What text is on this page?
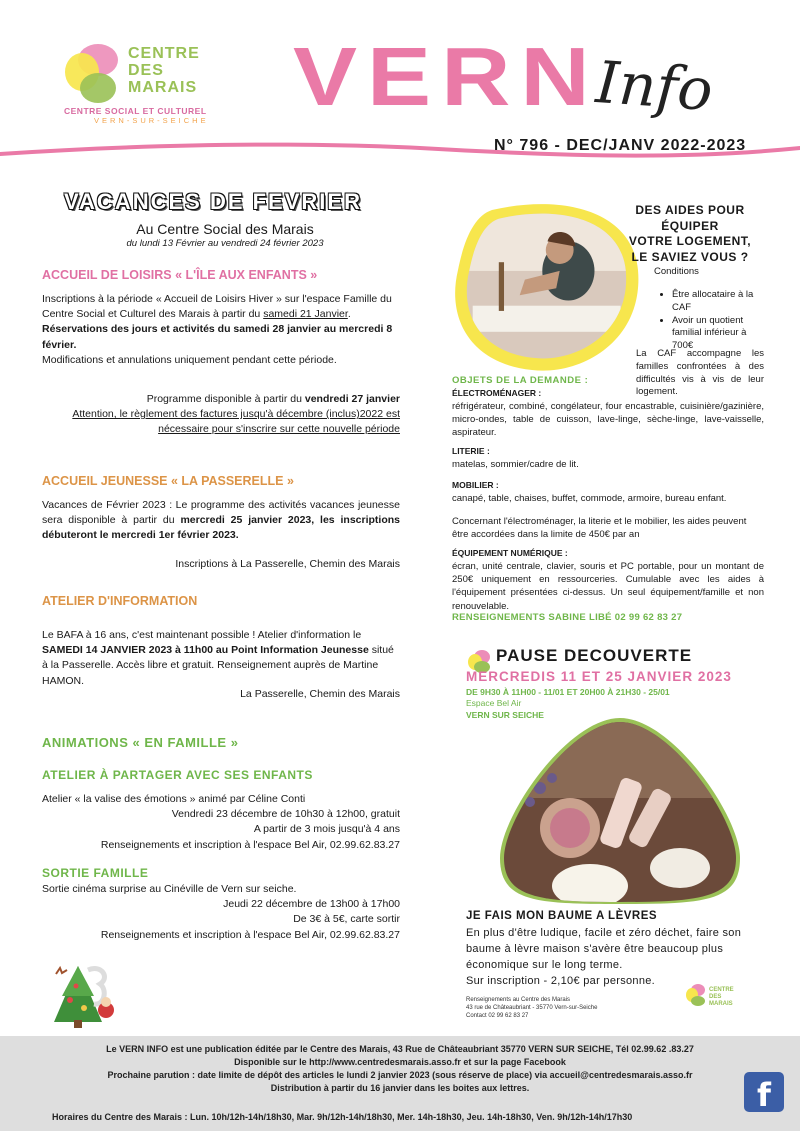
CENTRE
DES
MARAIS
CENTRE SOCIAL ET CULTUREL
VERN-SUR-SEICHE VERN
Info
N° 796 - DEC/JANV 2022-2023
VACANCES DE FEVRIER
Au Centre Social des Marais
du lundi 13 Février au vendredi 24 février 2023
ACCUEIL DE LOISIRS « L'ÎLE AUX ENFANTS »

Inscriptions à la période « Accueil de Loisirs Hiver » sur l'espace Famille du Centre Social et Culturel des Marais à partir du samedi 21 Janvier.

Réservations des jours et activités du samedi 28 janvier au mercredi 8 février.

Modifications et annulations uniquement pendant cette période.

Programme disponible à partir du vendredi 27 janvier

Attention, le règlement des factures jusqu'à décembre (inclus)2022 est nécessaire pour s'inscrire sur cette nouvelle période

ACCUEIL JEUNESSE « LA PASSERELLE »

Vacances de Février 2023 : Le programme des activités vacances jeunesse sera disponible à partir du mercredi 25 janvier 2023, les inscriptions débuteront le mercredi 1er février 2023.

Inscriptions à La Passerelle, Chemin des Marais
ATELIER D'INFORMATION

Le BAFA à 16 ans, c'est maintenant possible ! Atelier d'information le SAMEDI 14 JANVIER 2023 à 11h00 au Point Information Jeunesse situé à la Passerelle. Accès libre et gratuit. Renseignement auprès de Martine HAMON.

La Passerelle, Chemin des Marais
ANIMATIONS « EN FAMILLE »
ATELIER À PARTAGER AVEC SES ENFANTS

Atelier « la valise des émotions » animé par Céline Conti

Vendredi 23 décembre de 10h30 à 12h00, gratuit

A partir de 3 mois jusqu'à 4 ans

Renseignements et inscription à l'espace Bel Air, 02.99.62.83.27

SORTIE FAMILLE

Sortie cinéma surprise au Cinéville de Vern sur seiche.

Jeudi 22 décembre de 13h00 à 17h00

De 3€ à 5€, carte sortir

Renseignements et inscription à l'espace Bel Air, 02.99.62.83.27

DES AIDES POUR
ÉQUIPER
VOTRE LOGEMENT,
LE SAVIEZ VOUS ?
Conditions
• Être allocataire à la CAF
• Avoir un quotient familial inférieur à 700€
La CAF accompagne les familles confrontées à des difficultés vis à vis de leur logement.
OBJETS DE LA DEMANDE :
ÉLECTROMÉNAGER :
réfrigérateur, combiné, congélateur, four encastrable, cuisinière/gazinière, micro-ondes, table de cuisson, lave-linge, sèche-linge, lave-vaisselle, aspirateur.
LITERIE :
matelas, sommier/cadre de lit.
MOBILIER :
canapé, table, chaises, buffet, commode, armoire, bureau enfant.
Concernant l'électroménager, la literie et le mobilier, les aides peuvent être accordées dans la limite de 450€ par an
ÉQUIPEMENT NUMÉRIQUE :
écran, unité centrale, clavier, souris et PC portable, pour un montant de 250€ uniquement en ressourceries. Cumulable avec les aides à l'équipement présentées ci-dessus. Un seul équipement/famille et non renouvelable.
RENSEIGNEMENTS SABINE LIBÉ 02 99 62 83 27
PAUSE DECOUVERTE
MERCREDIS 11 ET 25 JANVIER 2023
DE 9H30 À 11H00 - 11/01 ET 20H00 À 21H30 - 25/01
Espace Bel Air
VERN SUR SEICHE
JE FAIS MON BAUME A LÈVRES

En plus d'être ludique, facile et zéro déchet, faire son baume à lèvre maison s'avère être beaucoup plus économique sur le long terme.

Sur inscription - 2,10€ par personne.

Renseignements au Centre des Marais
43 rue de Châteaubriant - 35770 Vern-sur-Seiche
Contact 02 99 62 83 27
CENTRE
DES
MARAIS
Le VERN INFO est une publication éditée par le Centre des Marais, 43 Rue de Châteaubriant 35770 VERN SUR SEICHE, Tél 02.99.62 .83.27
Disponible sur le http://www.centredesmarais.asso.fr et sur la page Facebook
Prochaine parution : date limite de dépôt des articles le lundi 2 janvier 2023 (sous réserve de place) via accueil@centredesmarais.asso.fr
Distribution à partir du 16 janvier dans les boites aux lettres.
Horaires du Centre des Marais : Lun. 10h/12h-14h/18h30, Mar. 9h/12h-14h/18h30, Mer. 14h-18h30, Jeu. 14h-18h30, Ven. 9h/12h-14h/17h30
f
